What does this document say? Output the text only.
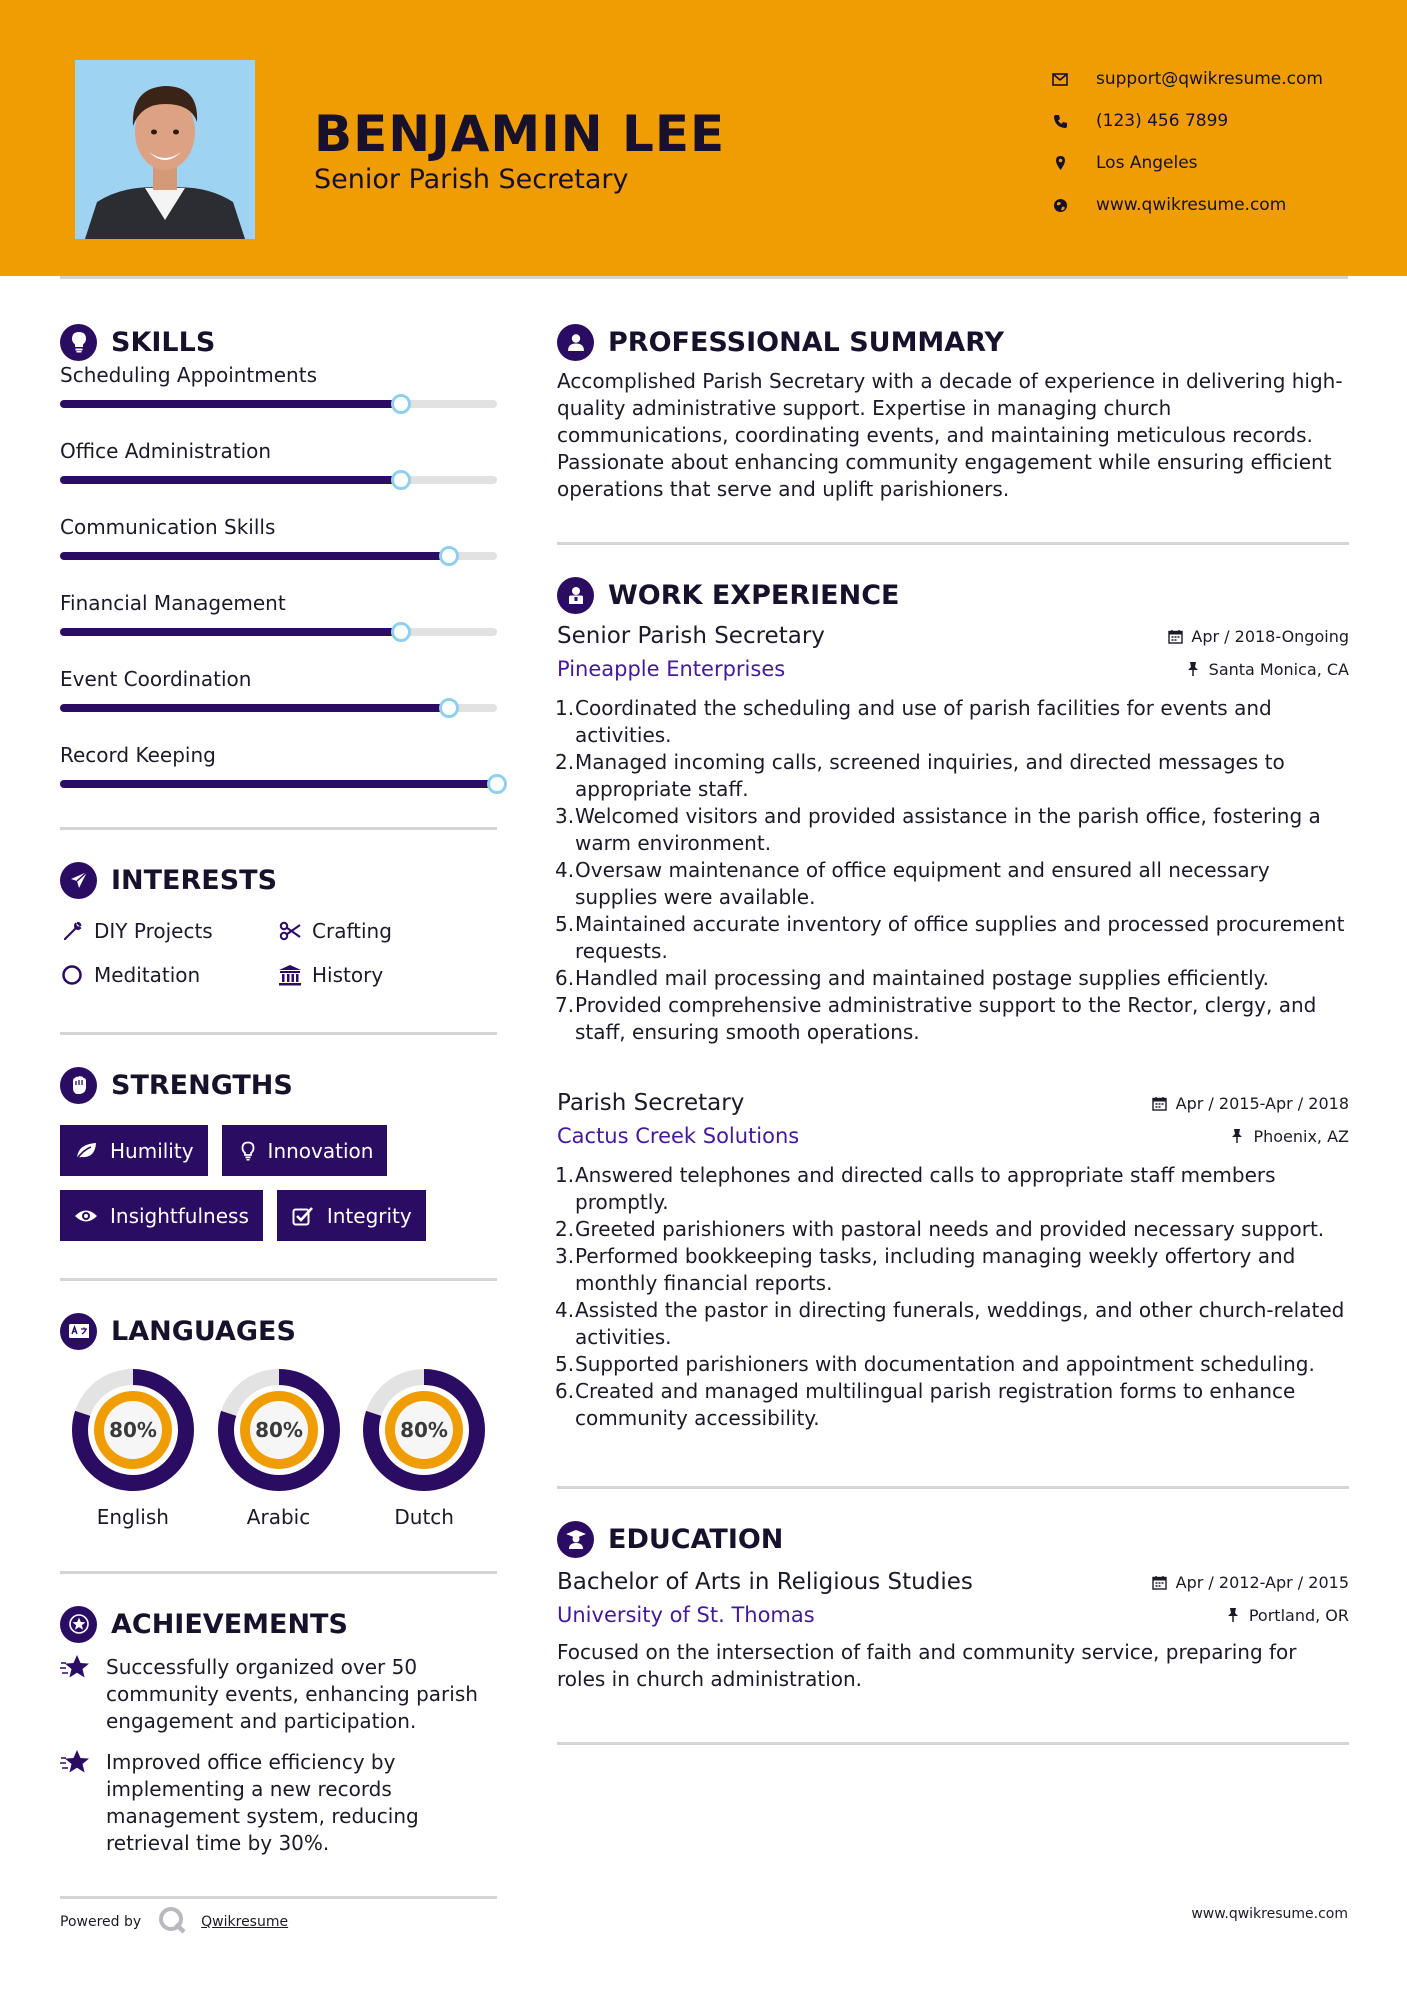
BENJAMIN LEE
Senior Parish Secretary
support@qwikresume.com
(123) 456 7899
Los Angeles
www.qwikresume.com
SKILLS
Scheduling Appointments
Office Administration
Communication Skills
Financial Management
Event Coordination
Record Keeping
INTERESTS
DIY Projects	Crafting
Meditation	History
STRENGTHS
Humility	Innovation
Insightfulness	Integrity
LANGUAGES
80%
English
80%
Arabic
80%
Dutch
ACHIEVEMENTS
Successfully organized over 50 community events, enhancing parish engagement and participation.
Improved office efficiency by implementing a new records management system, reducing retrieval time by 30%.
PROFESSIONAL SUMMARY

Accomplished Parish Secretary with a decade of experience in delivering high-quality administrative support. Expertise in managing church communications, coordinating events, and maintaining meticulous records. Passionate about enhancing community engagement while ensuring efficient operations that serve and uplift parishioners.

WORK EXPERIENCE
Senior Parish Secretary	Apr / 2018-Ongoing
Pineapple Enterprises	Santa Monica, CA
1. Coordinated the scheduling and use of parish facilities for events and activities.
2. Managed incoming calls, screened inquiries, and directed messages to appropriate staff.
3. Welcomed visitors and provided assistance in the parish office, fostering a warm environment.
4. Oversaw maintenance of office equipment and ensured all necessary supplies were available.
5. Maintained accurate inventory of office supplies and processed procurement requests.
6. Handled mail processing and maintained postage supplies efficiently.
7. Provided comprehensive administrative support to the Rector, clergy, and staff, ensuring smooth operations.
Parish Secretary	Apr / 2015-Apr / 2018
Cactus Creek Solutions	Phoenix, AZ
1. Answered telephones and directed calls to appropriate staff members promptly.
2. Greeted parishioners with pastoral needs and provided necessary support.
3. Performed bookkeeping tasks, including managing weekly offertory and monthly financial reports.
4. Assisted the pastor in directing funerals, weddings, and other church-related activities.
5. Supported parishioners with documentation and appointment scheduling.
6. Created and managed multilingual parish registration forms to enhance community accessibility.
EDUCATION
Bachelor of Arts in Religious Studies	Apr / 2012-Apr / 2015
University of St. Thomas	Portland, OR

Focused on the intersection of faith and community service, preparing for roles in church administration.

Powered by	Qwikresume	www.qwikresume.com
